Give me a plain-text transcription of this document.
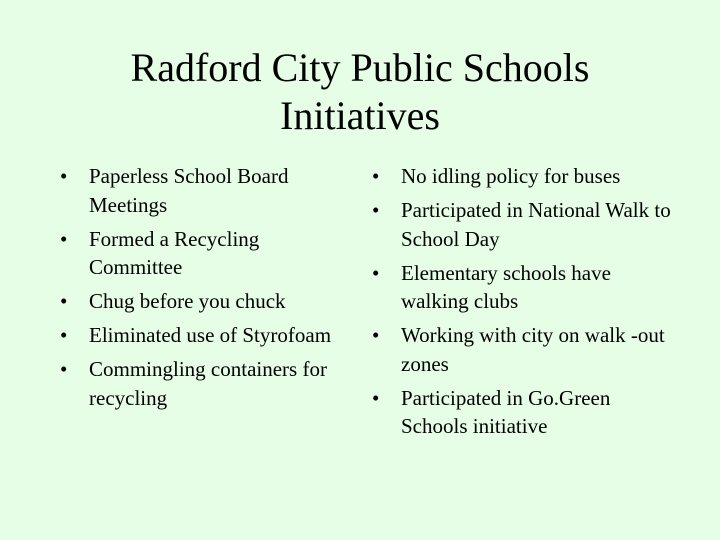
Radford City Public Schools
Initiatives
• Paperless School Board Meetings
• Formed a Recycling Committee
• Chug before you chuck
• Eliminated use of Styrofoam
• Commingling containers for recycling
• No idling policy for buses
• Participated in National Walk to School Day
• Elementary schools have walking clubs
• Working with city on walk -out zones
• Participated in Go.Green Schools initiative
